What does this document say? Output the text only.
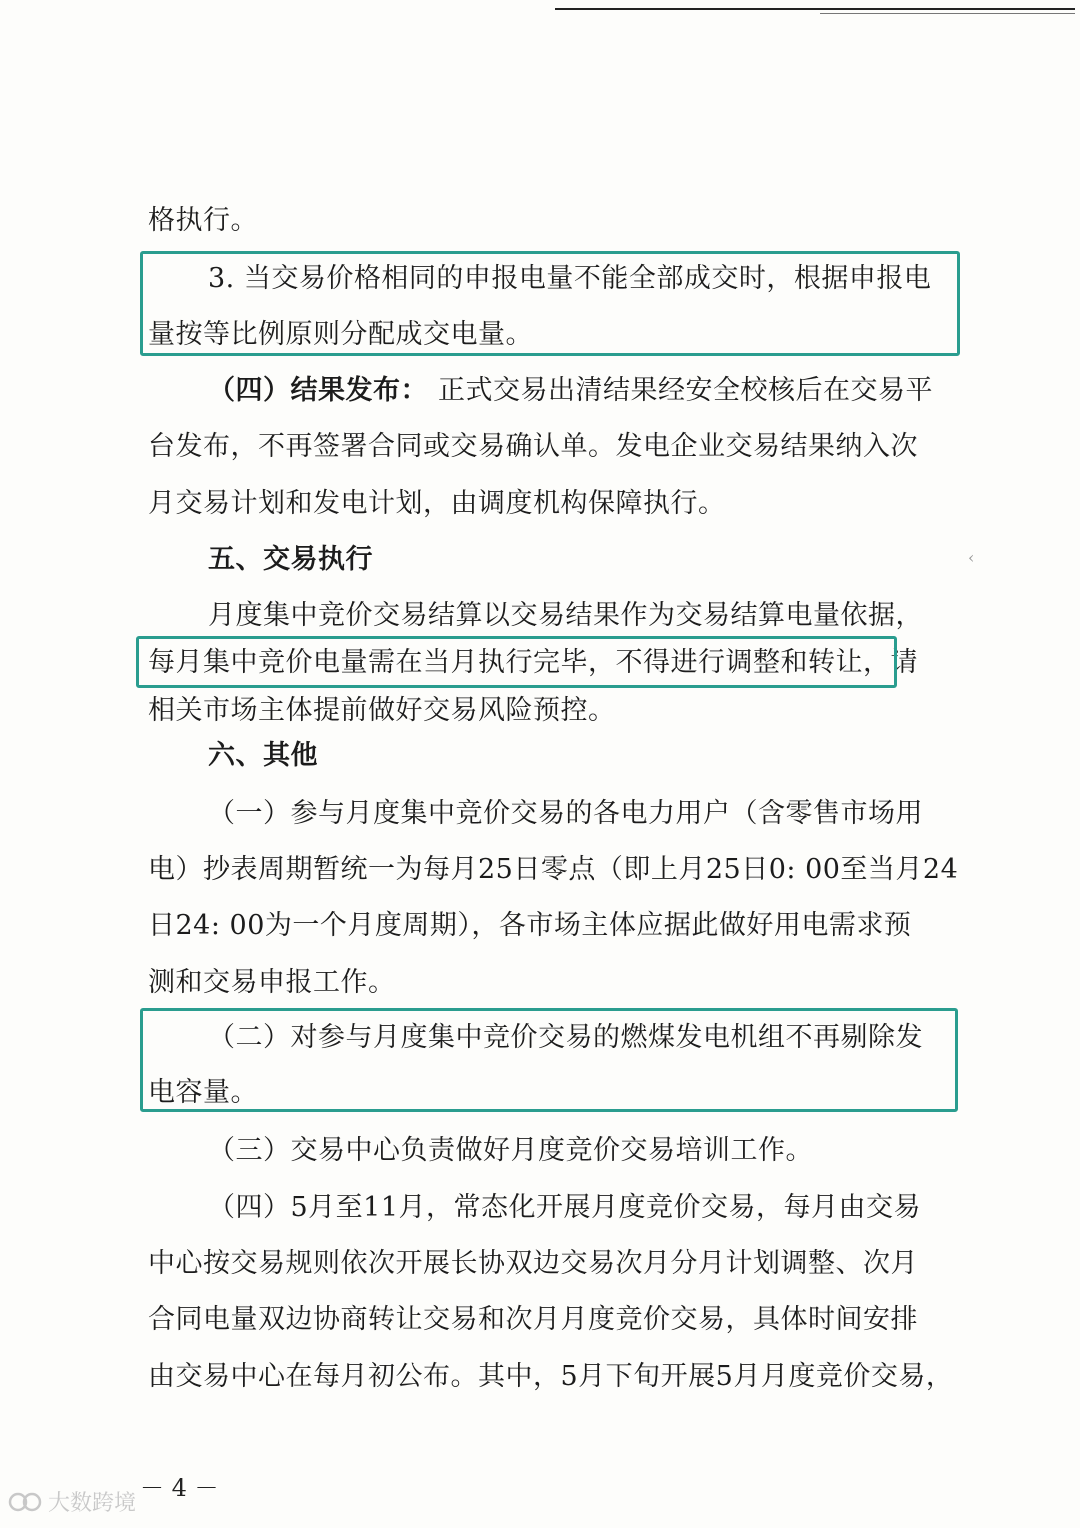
格执行。
3. 当交易价格相同的申报电量不能全部成交时，根据申报电
量按等比例原则分配成交电量。
（四）结果发布： 正式交易出清结果经安全校核后在交易平
台发布，不再签署合同或交易确认单。发电企业交易结果纳入次
月交易计划和发电计划，由调度机构保障执行。
五、交易执行
月度集中竞价交易结算以交易结果作为交易结算电量依据，
每月集中竞价电量需在当月执行完毕，不得进行调整和转让，请
相关市场主体提前做好交易风险预控。
六、其他
（一）参与月度集中竞价交易的各电力用户（含零售市场用
电）抄表周期暂统一为每月25日零点（即上月25日0: 00至当月24
日24: 00为一个月度周期），各市场主体应据此做好用电需求预
测和交易申报工作。
（二）对参与月度集中竞价交易的燃煤发电机组不再剔除发
电容量。
（三）交易中心负责做好月度竞价交易培训工作。
（四）5月至11月，常态化开展月度竞价交易，每月由交易
中心按交易规则依次开展长协双边交易次月分月计划调整、次月
合同电量双边协商转让交易和次月月度竞价交易，具体时间安排
由交易中心在每月初公布。其中，5月下旬开展5月月度竞价交易，
‹
－ 4 －
大数跨境
